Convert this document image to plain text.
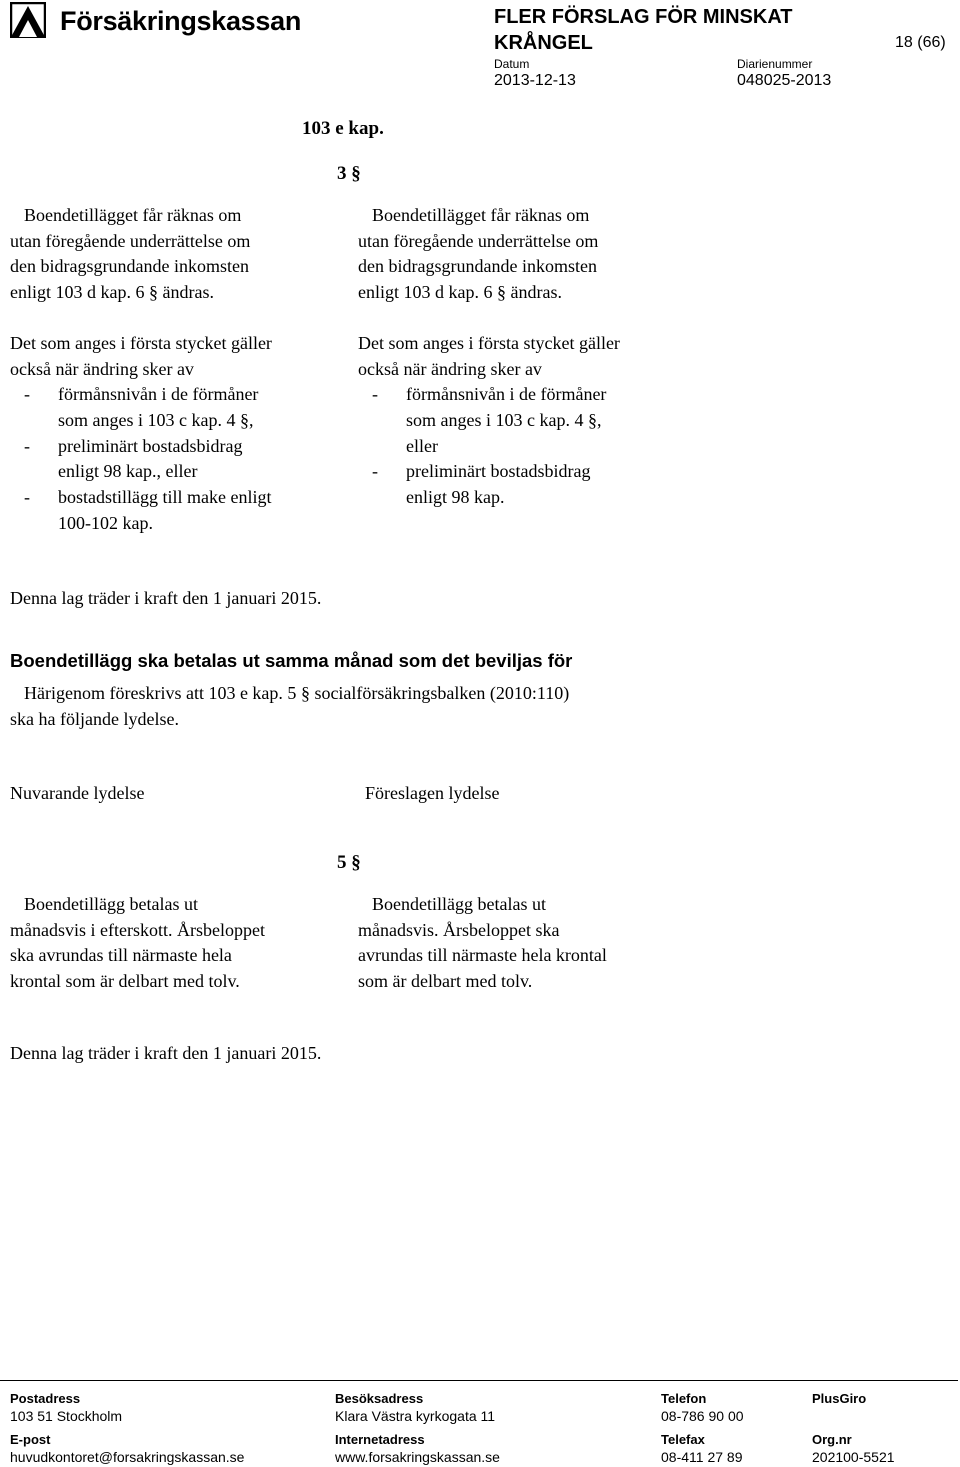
Försäkringskassan	FLER FÖRSLAG FÖR MINSKAT
KRÅNGEL	18 (66)
Datum
2013-12-13
Diarienummer
048025-2013
103 e kap.
3 §
Boendetillägget får räknas om
utan föregående underrättelse om
den bidragsgrundande inkomsten
enligt 103 d kap. 6 § ändras.
Det som anges i första stycket gäller
också när ändring sker av
-	förmånsnivån i de förmåner
som anges i 103 c kap. 4 §,
-	preliminärt bostadsbidrag
enligt 98 kap., eller
-	bostadstillägg till make enligt
100-102 kap.
Boendetillägget får räknas om
utan föregående underrättelse om
den bidragsgrundande inkomsten
enligt 103 d kap. 6 § ändras.
Det som anges i första stycket gäller
också när ändring sker av
-	förmånsnivån i de förmåner
som anges i 103 c kap. 4 §,
eller
-	preliminärt bostadsbidrag
enligt 98 kap.
Denna lag träder i kraft den 1 januari 2015.
Boendetillägg ska betalas ut samma månad som det beviljas för
Härigenom föreskrivs att 103 e kap. 5 § socialförsäkringsbalken (2010:110)
ska ha följande lydelse.
Nuvarande lydelse	Föreslagen lydelse
5 §
Boendetillägg betalas ut
månadsvis i efterskott. Årsbeloppet
ska avrundas till närmaste hela
krontal som är delbart med tolv.
Boendetillägg betalas ut
månadsvis. Årsbeloppet ska
avrundas till närmaste hela krontal
som är delbart med tolv.
Denna lag träder i kraft den 1 januari 2015.
Postadress
103 51 Stockholm
Besöksadress
Klara Västra kyrkogata 11
Telefon
08-786 90 00
PlusGiro
E-post
huvudkontoret@forsakringskassan.se
Internetadress
www.forsakringskassan.se
Telefax
08-411 27 89
Org.nr
202100-5521
